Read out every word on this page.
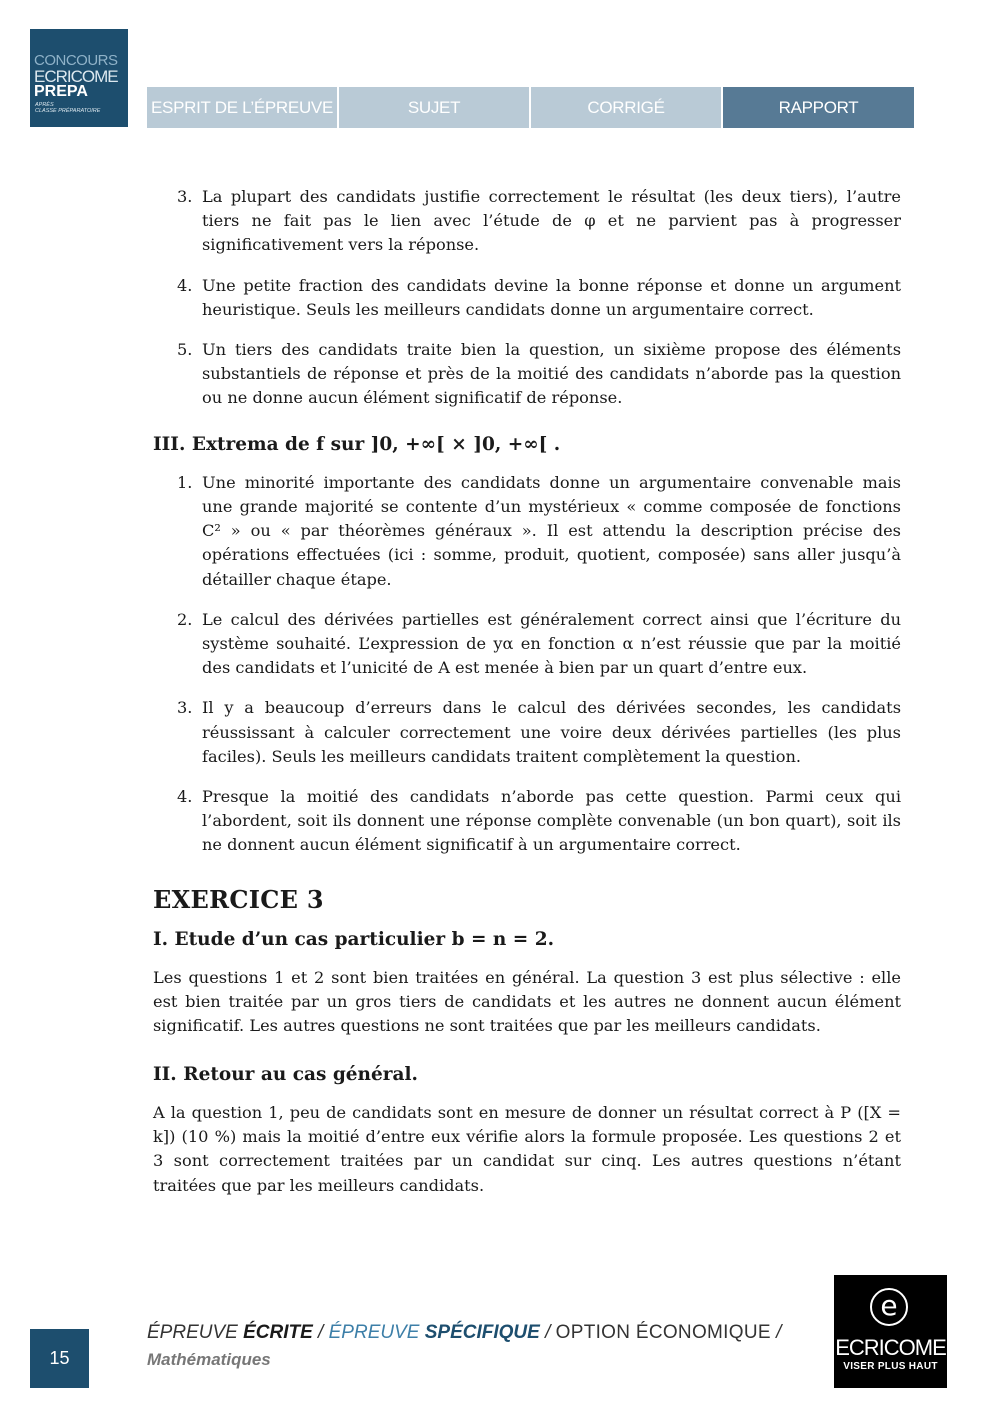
CONCOURS
ECRICOME
PREPA
APRÈS
CLASSE PRÉPARATOIRE	ESPRIT DE L’ÉPREUVE	SUJET	CORRIGÉ	RAPPORT
3. La plupart des candidats justifie correctement le résultat (les deux tiers), l’autre tiers ne fait pas le lien avec l’étude de φ et ne parvient pas à progresser significativement vers la réponse.
4. Une petite fraction des candidats devine la bonne réponse et donne un argument heuristique. Seuls les meilleurs candidats donne un argumentaire correct.
5. Un tiers des candidats traite bien la question, un sixième propose des éléments substantiels de réponse et près de la moitié des candidats n’aborde pas la question ou ne donne aucun élément significatif de réponse.
III. Extrema de f sur ]0, +∞[ × ]0, +∞[ .
1. Une minorité importante des candidats donne un argumentaire convenable mais une grande majorité se contente d’un mystérieux « comme composée de fonctions C² » ou « par théorèmes généraux ». Il est attendu la description précise des opérations effectuées (ici : somme, produit, quotient, composée) sans aller jusqu’à détailler chaque étape.
2. Le calcul des dérivées partielles est généralement correct ainsi que l’écriture du système souhaité. L’expression de yα en fonction α n’est réussie que par la moitié des candidats et l’unicité de A est menée à bien par un quart d’entre eux.
3. Il y a beaucoup d’erreurs dans le calcul des dérivées secondes, les candidats réussissant à calculer correctement une voire deux dérivées partielles (les plus faciles). Seuls les meilleurs candidats traitent complètement la question.
4. Presque la moitié des candidats n’aborde pas cette question. Parmi ceux qui l’abordent, soit ils donnent une réponse complète convenable (un bon quart), soit ils ne donnent aucun élément significatif à un argumentaire correct.
EXERCICE 3
I. Etude d’un cas particulier b = n = 2.

Les questions 1 et 2 sont bien traitées en général. La question 3 est plus sélective : elle est bien traitée par un gros tiers de candidats et les autres ne donnent aucun élément significatif. Les autres questions ne sont traitées que par les meilleurs candidats.

II. Retour au cas général.

A la question 1, peu de candidats sont en mesure de donner un résultat correct à P ([X = k]) (10 %) mais la moitié d’entre eux vérifie alors la formule proposée. Les questions 2 et 3 sont correctement traitées par un candidat sur cinq. Les autres questions n’étant traitées que par les meilleurs candidats.

15
ÉPREUVE ÉCRITE / ÉPREUVE SPÉCIFIQUE / OPTION ÉCONOMIQUE /
Mathématiques
e
ECRICOME
VISER PLUS HAUT
